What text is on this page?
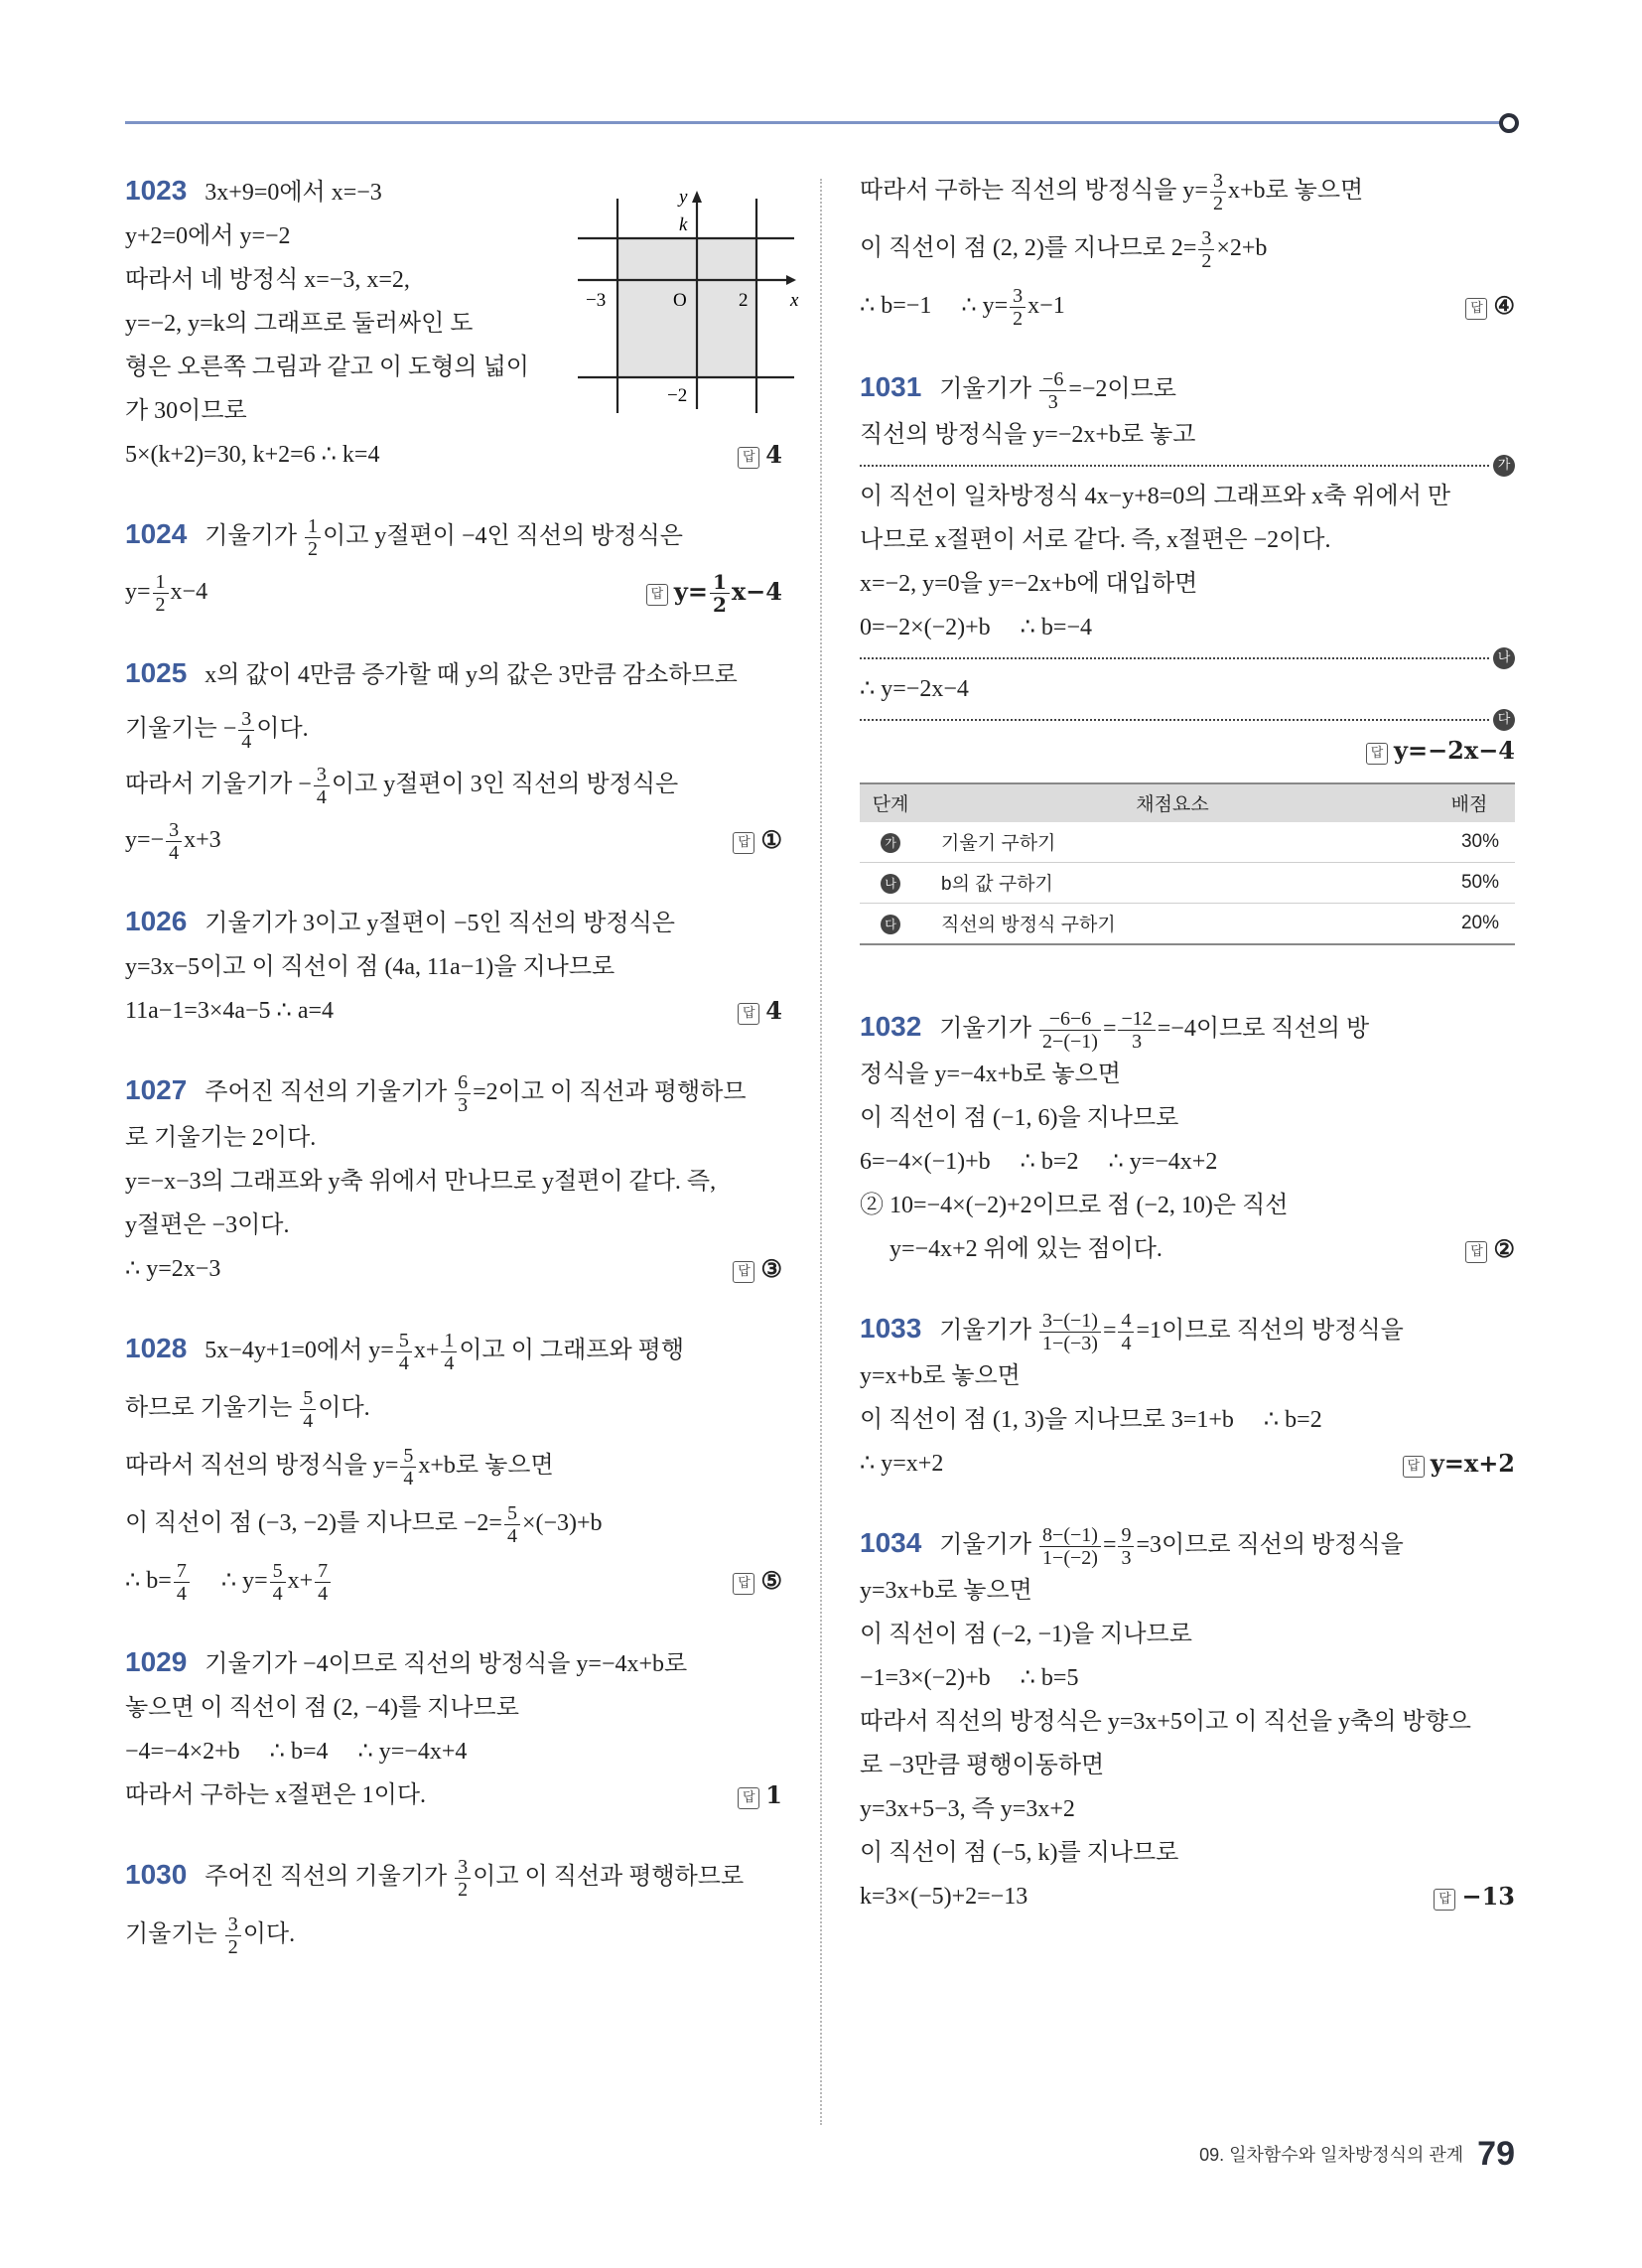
y
k
x
O
−3	2
−2
1023 3x+9=0에서 x=−3
y+2=0에서 y=−2
따라서 네 방정식 x=−3, x=2,
y=−2, y=k의 그래프로 둘러싸인 도
형은 오른쪽 그림과 같고 이 도형의 넓이
가 30이므로
5×(k+2)=30, k+2=6 ∴ k=4	답 4
1024 기울기가 $\frac{1}{2}$ 이고 y절편이 −4인 직선의 방정식은
$y= \frac{1}{2} x-4$	답 $y= \frac{1}{2} x-4$
1025 x의 값이 4만큼 증가할 때 y의 값은 3만큼 감소하므로
기울기는 − $\frac{3}{4}$ 이다.
따라서 기울기가 − $\frac{3}{4}$ 이고 y절편이 3인 직선의 방정식은
$y=- \frac{3}{4} x+3$	답 ①
1026 기울기가 3이고 y절편이 −5인 직선의 방정식은
y=3x−5이고 이 직선이 점 (4a, 11a−1)을 지나므로
11a−1=3×4a−5 ∴ a=4	답 4
1027 주어진 직선의 기울기가 $\frac{6}{3} =2$이고 이 직선과 평행하므
로 기울기는 2이다.
y=−x−3의 그래프와 y축 위에서 만나므로 y절편이 같다. 즉,
y절편은 −3이다.
∴ y=2x−3	답 ③
1028 5x−4y+1=0에서 $y= \frac{5}{4} x+ \frac{1}{4}$ 이고 이 그래프와 평행
하므로 기울기는 $\frac{5}{4}$ 이다.
따라서 직선의 방정식을 $y= \frac{5}{4} x+b$로 놓으면
이 직선이 점 (−3, −2)를 지나므로 $-2= \frac{5}{4} \times(-3)+b$
∴ $b= \frac{7}{4}$ ∴ $y= \frac{5}{4} x+ \frac{7}{4}$	답 ⑤
1029 기울기가 −4이므로 직선의 방정식을 y=−4x+b로
놓으면 이 직선이 점 (2, −4)를 지나므로
−4=−4×2+b     ∴ b=4     ∴ y=−4x+4
따라서 구하는 x절편은 1이다.	답 1
1030 주어진 직선의 기울기가 $\frac{3}{2}$ 이고 이 직선과 평행하므로
기울기는 $\frac{3}{2}$ 이다.
따라서 구하는 직선의 방정식을 $y= \frac{3}{2} x+b$로 놓으면
이 직선이 점 (2, 2)를 지나므로 $2= \frac{3}{2} \times 2+b$
∴ b=−1     ∴ $y= \frac{3}{2} x-1$	답 ④
1031 기울기가 $\frac{-6}{3} =-2$이므로
직선의 방정식을 y=−2x+b로 놓고
가
이 직선이 일차방정식 4x−y+8=0의 그래프와 x축 위에서 만
나므로 x절편이 서로 같다. 즉, x절편은 −2이다.
x=−2, y=0을 y=−2x+b에 대입하면
0=−2×(−2)+b     ∴ b=−4
나
∴ y=−2x−4
다

답 y=−2x−4
단계	채점요소	배점
가	기울기 구하기	30%
나	b의 값 구하기	50%
다	직선의 방정식 구하기	20%
1032 기울기가 $\frac{-6-6}{2-(-1)} = \frac{-12}{3} =-4$이므로 직선의 방
정식을 y=−4x+b로 놓으면
이 직선이 점 (−1, 6)을 지나므로
6=−4×(−1)+b     ∴ b=2     ∴ y=−4x+2
② 10=−4×(−2)+2이므로 점 (−2, 10)은 직선
y=−4x+2 위에 있는 점이다.	답 ②
1033 기울기가 $\frac{3-(-1)}{1-(-3)} = \frac{4}{4} =1$이므로 직선의 방정식을
y=x+b로 놓으면
이 직선이 점 (1, 3)을 지나므로 3=1+b     ∴ b=2
∴ y=x+2	답 y=x+2
1034 기울기가 $\frac{8-(-1)}{1-(-2)} = \frac{9}{3} =3$이므로 직선의 방정식을
y=3x+b로 놓으면
이 직선이 점 (−2, −1)을 지나므로
−1=3×(−2)+b     ∴ b=5
따라서 직선의 방정식은 y=3x+5이고 이 직선을 y축의 방향으
로 −3만큼 평행이동하면
y=3x+5−3, 즉 y=3x+2
이 직선이 점 (−5, k)를 지나므로
k=3×(−5)+2=−13	답 −13
09. 일차함수와 일차방정식의 관계 79
